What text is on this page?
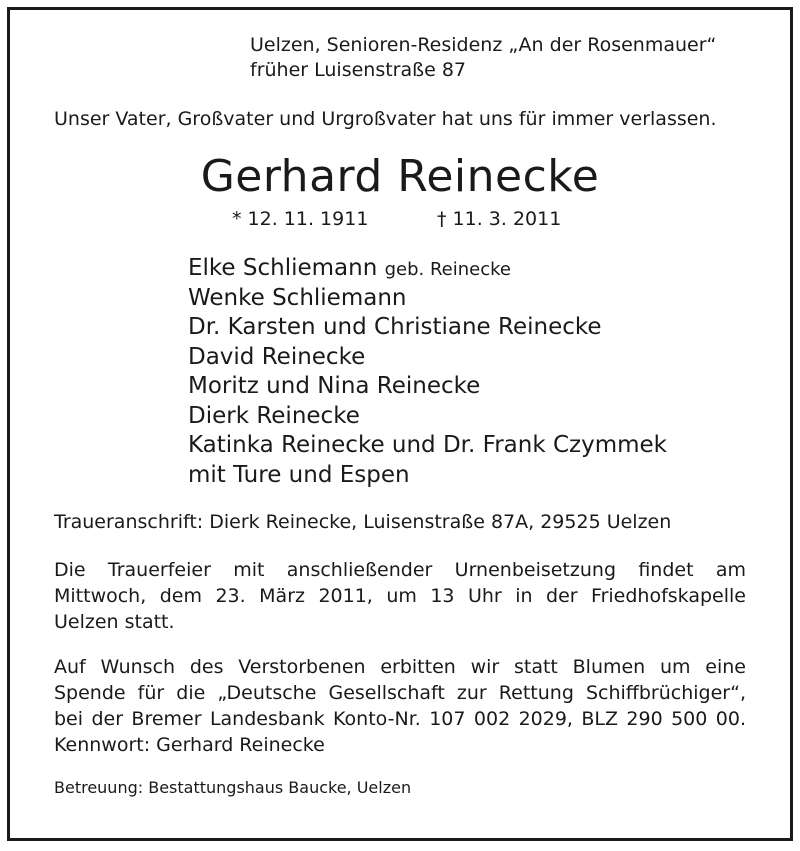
Uelzen, Senioren-Residenz „An der Rosenmauer“
früher Luisenstraße 87
Unser Vater, Großvater und Urgroßvater hat uns für immer verlassen.
Gerhard Reinecke
* 12. 11. 1911	† 11. 3. 2011
Elke Schliemann geb. Reinecke
Wenke Schliemann
Dr. Karsten und Christiane Reinecke
David Reinecke
Moritz und Nina Reinecke
Dierk Reinecke
Katinka Reinecke und Dr. Frank Czymmek
mit Ture und Espen

Traueranschrift: Dierk Reinecke, Luisenstraße 87A, 29525 Uelzen

Die Trauerfeier mit anschließender Urnenbeisetzung findet am
Mittwoch, dem 23. März 2011, um 13 Uhr in der Friedhofskapelle
Uelzen statt.

Auf Wunsch des Verstorbenen erbitten wir statt Blumen um eine
Spende für die „Deutsche Gesellschaft zur Rettung Schiffbrüchiger“,
bei der Bremer Landesbank Konto-Nr. 107 002 2029, BLZ 290 500 00.
Kennwort: Gerhard Reinecke

Betreuung: Bestattungshaus Baucke, Uelzen
